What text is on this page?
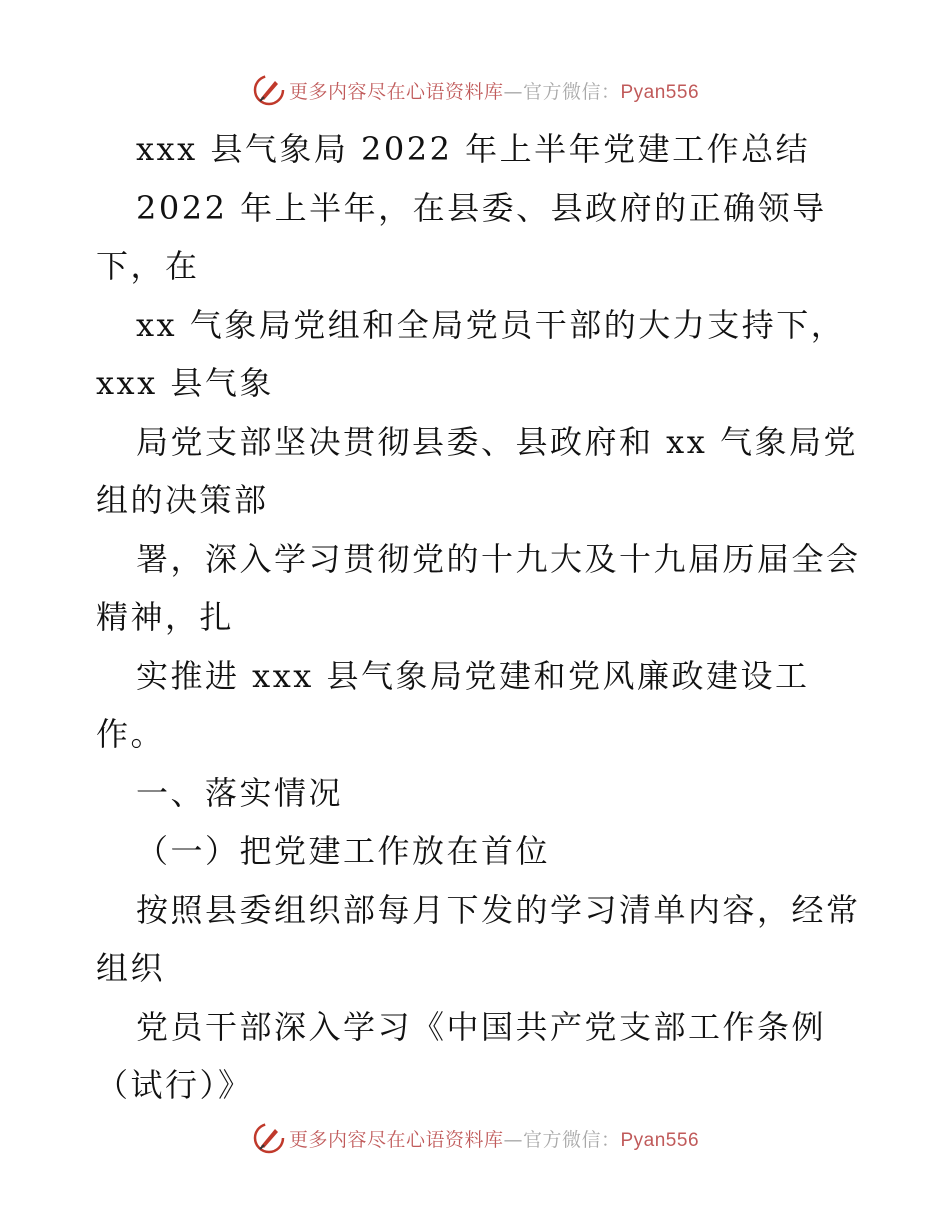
更多内容尽在心语资料库—官方微信：Pyan556
xxx 县气象局 2022 年上半年党建工作总结
2022 年上半年，在县委、县政府的正确领导
下，在
xx 气象局党组和全局党员干部的大力支持下，
xxx 县气象
局党支部坚决贯彻县委、县政府和 xx 气象局党
组的决策部
署，深入学习贯彻党的十九大及十九届历届全会
精神，扎
实推进 xxx 县气象局党建和党风廉政建设工
作。
一、落实情况
（一）把党建工作放在首位
按照县委组织部每月下发的学习清单内容，经常
组织
党员干部深入学习《中国共产党支部工作条例
（试行）》
更多内容尽在心语资料库—官方微信：Pyan556
